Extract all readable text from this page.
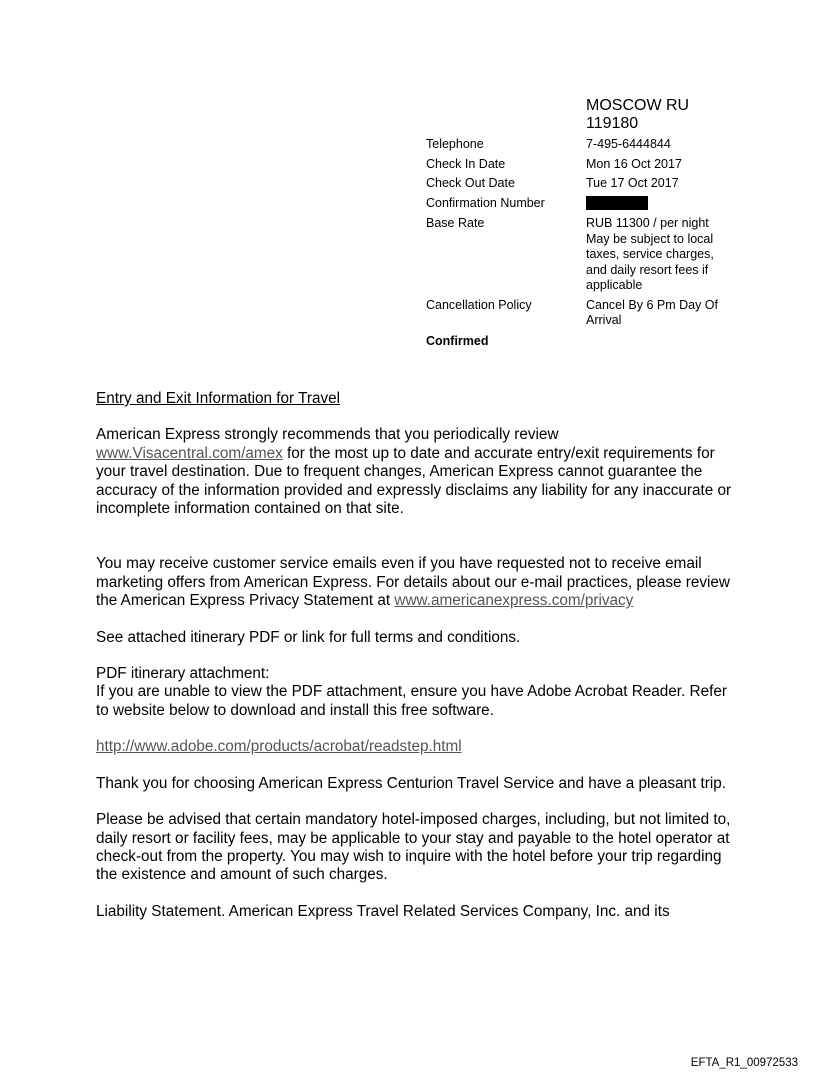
MOSCOW RU
119180
Telephone	7-495-6444844
Check In Date	Mon 16 Oct 2017
Check Out Date	Tue 17 Oct 2017
Confirmation Number
Base Rate	RUB 11300 / per night
May be subject to local taxes, service charges, and daily resort fees if applicable
Cancellation Policy	Cancel By 6 Pm Day Of Arrival
Confirmed

Entry and Exit Information for Travel

American Express strongly recommends that you periodically review
www.Visacentral.com/amex for the most up to date and accurate entry/exit requirements for your travel destination. Due to frequent changes, American Express cannot guarantee the accuracy of the information provided and expressly disclaims any liability for any inaccurate or incomplete information contained on that site.

You may receive customer service emails even if you have requested not to receive email marketing offers from American Express. For details about our e-mail practices, please review the American Express Privacy Statement at www.americanexpress.com/privacy

See attached itinerary PDF or link for full terms and conditions.

PDF itinerary attachment:
If you are unable to view the PDF attachment, ensure you have Adobe Acrobat Reader. Refer to website below to download and install this free software.

http://www.adobe.com/products/acrobat/readstep.html

Thank you for choosing American Express Centurion Travel Service and have a pleasant trip.

Please be advised that certain mandatory hotel-imposed charges, including, but not limited to, daily resort or facility fees, may be applicable to your stay and payable to the hotel operator at check-out from the property. You may wish to inquire with the hotel before your trip regarding the existence and amount of such charges.

Liability Statement. American Express Travel Related Services Company, Inc. and its

EFTA_R1_00972533
